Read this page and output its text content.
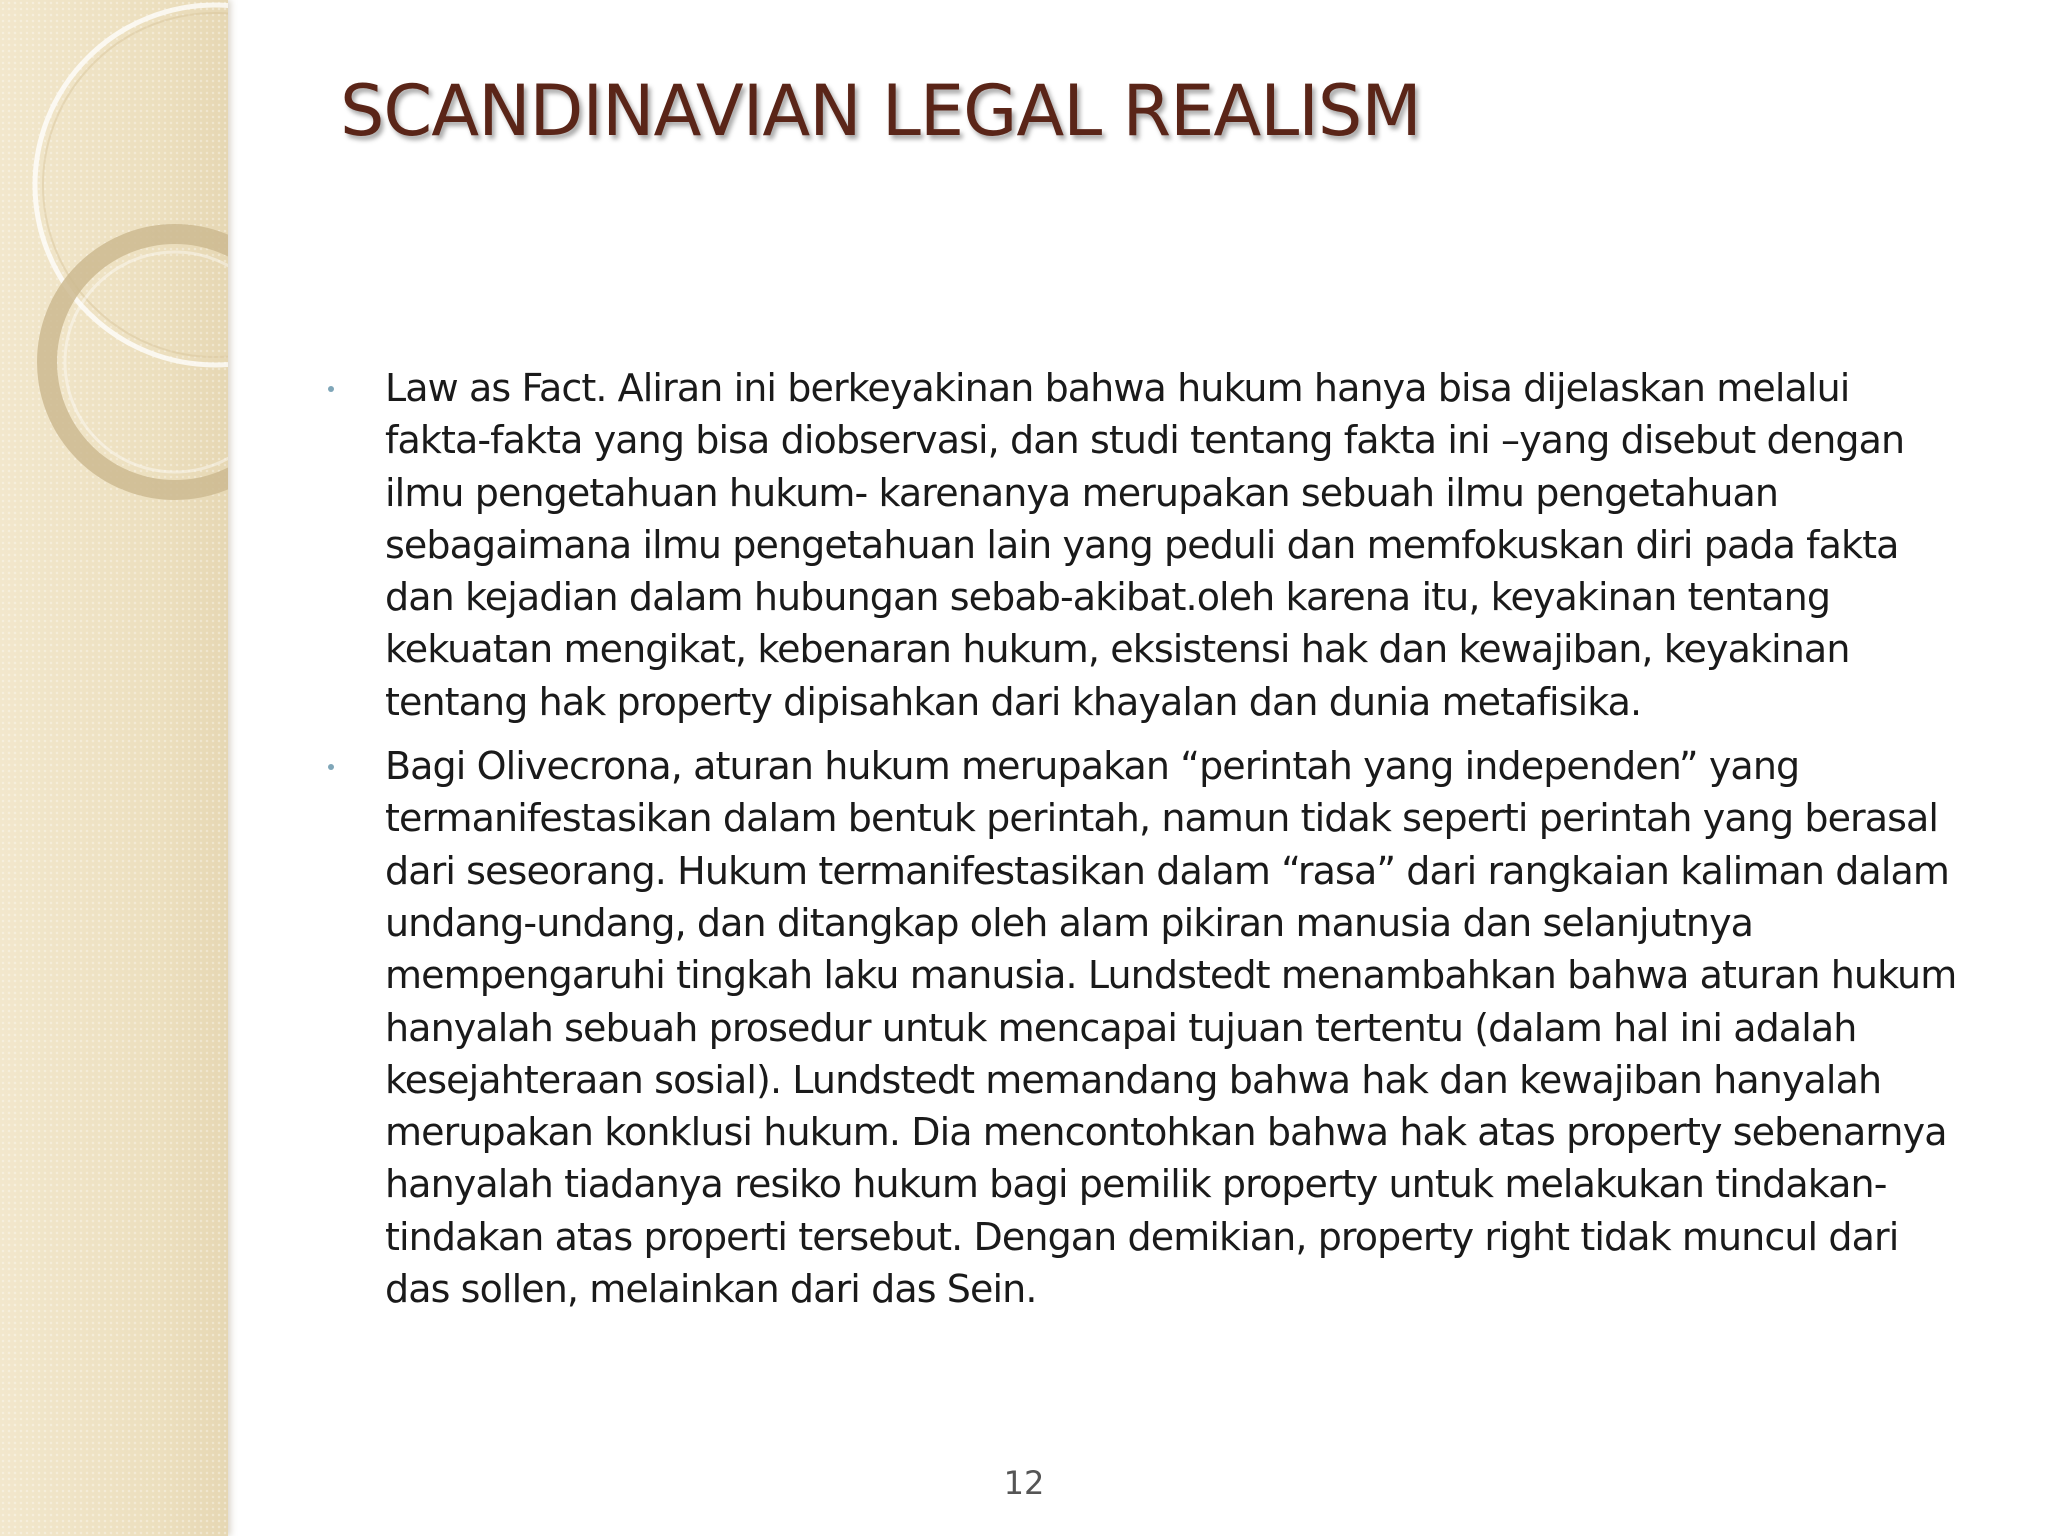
SCANDINAVIAN LEGAL REALISM
Law as Fact. Aliran ini berkeyakinan bahwa hukum hanya bisa dijelaskan melalui fakta-fakta yang bisa diobservasi, dan studi tentang fakta ini –yang disebut dengan ilmu pengetahuan hukum- karenanya merupakan sebuah ilmu pengetahuan sebagaimana ilmu pengetahuan lain yang peduli dan memfokuskan diri pada fakta dan kejadian dalam hubungan sebab-akibat.oleh karena itu, keyakinan tentang kekuatan mengikat, kebenaran hukum, eksistensi hak dan kewajiban, keyakinan tentang hak property dipisahkan dari khayalan dan dunia metafisika.
Bagi Olivecrona, aturan hukum merupakan “perintah yang independen” yang termanifestasikan dalam bentuk perintah, namun tidak seperti perintah yang berasal dari seseorang. Hukum termanifestasikan dalam “rasa” dari rangkaian kaliman dalam undang-undang, dan ditangkap oleh alam pikiran manusia dan selanjutnya mempengaruhi tingkah laku manusia. Lundstedt menambahkan bahwa aturan hukum hanyalah sebuah prosedur untuk mencapai tujuan tertentu (dalam hal ini adalah kesejahteraan sosial). Lundstedt memandang bahwa hak dan kewajiban hanyalah merupakan konklusi hukum. Dia mencontohkan bahwa hak atas property sebenarnya hanyalah tiadanya resiko hukum bagi pemilik property untuk melakukan tindakan-tindakan atas properti tersebut. Dengan demikian, property right tidak muncul dari das sollen, melainkan dari das Sein.
12
